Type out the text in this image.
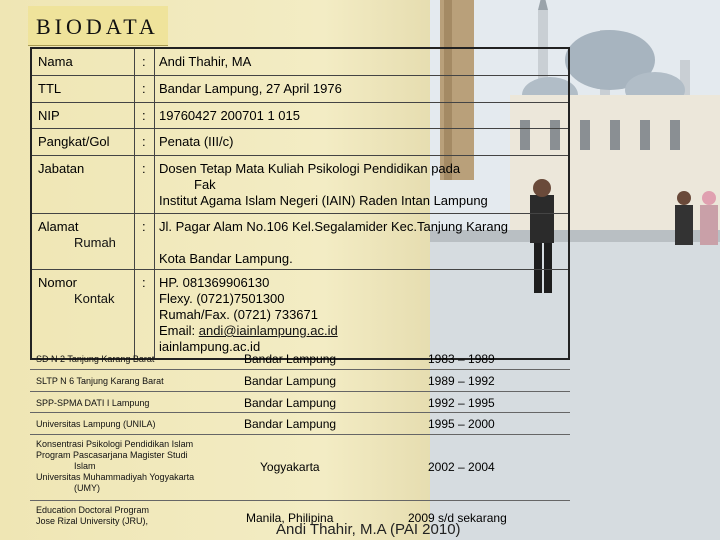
BIODATA
Nama	: Andi Thahir, MA
TTL	: Bandar Lampung, 27 April 1976
NIP	: 19760427 200701 1 015
Pangkat/Gol : Penata (III/c)
Jabatan	: Dosen Tetap Mata Kuliah Psikologi Pendidikan pada
Fak
Institut Agama Islam Negeri (IAIN) Raden Intan Lampung
Alamat
Rumah
: Jl. Pagar Alam No.106 Kel.Segalamider Kec.Tanjung Karang
Kota Bandar Lampung.
Nomor
Kontak
: HP. 081369906130
Flexy. (0721)7501300
Rumah/Fax. (0721) 733671
Email: andi@iainlampung.ac.id
iainlampung.ac.id
SD N 2 Tanjung Karang Barat	Bandar Lampung	1983 – 1989
SLTP N 6 Tanjung Karang Barat	Bandar Lampung	1989 – 1992
SPP-SPMA DATI I Lampung	Bandar Lampung	1992 – 1995
Universitas Lampung (UNILA)	Bandar Lampung	1995 – 2000
Konsentrasi Psikologi Pendidikan Islam
Program Pascasarjana Magister Studi
Islam
Universitas Muhammadiyah Yogyakarta
(UMY)
Yogyakarta	2002 – 2004
Education Doctoral Program
Jose Rizal University (JRU),	Manila, Philipina	2009 s/d sekarang
Andi Thahir, M.A (PAI 2010)
